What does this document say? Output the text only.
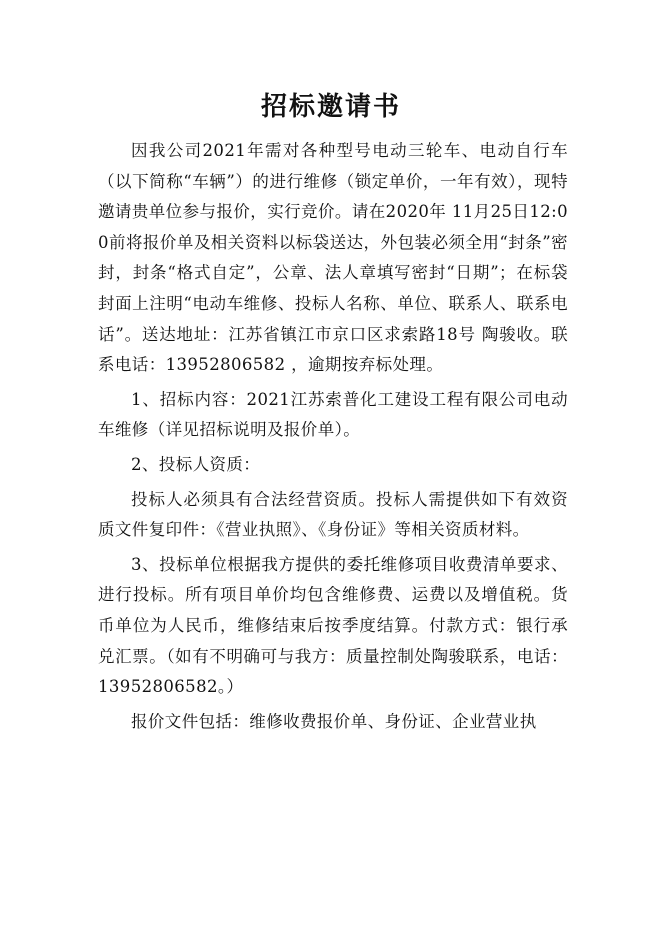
招标邀请书

因我公司2021年需对各种型号电动三轮车、电动自行车（以下简称“车辆”）的进行维修（锁定单价，一年有效），现特邀请贵单位参与报价，实行竞价。请在2020年 11月25日12:00前将报价单及相关资料以标袋送达，外包装必须全用“封条”密封，封条“格式自定”，公章、法人章填写密封“日期”；在标袋封面上注明“电动车维修、投标人名称、单位、联系人、联系电话”。送达地址：江苏省镇江市京口区求索路18号 陶骏收。联系电话：13952806582 ，逾期按弃标处理。

1、招标内容：2021江苏索普化工建设工程有限公司电动车维修（详见招标说明及报价单）。

2、投标人资质：

投标人必须具有合法经营资质。投标人需提供如下有效资质文件复印件：《营业执照》、《身份证》等相关资质材料。

3、投标单位根据我方提供的委托维修项目收费清单要求、进行投标。所有项目单价均包含维修费、运费以及增值税。货币单位为人民币，维修结束后按季度结算。付款方式：银行承兑汇票。（如有不明确可与我方：质量控制处陶骏联系，电话：13952806582。）

报价文件包括：维修收费报价单、身份证、企业营业执
